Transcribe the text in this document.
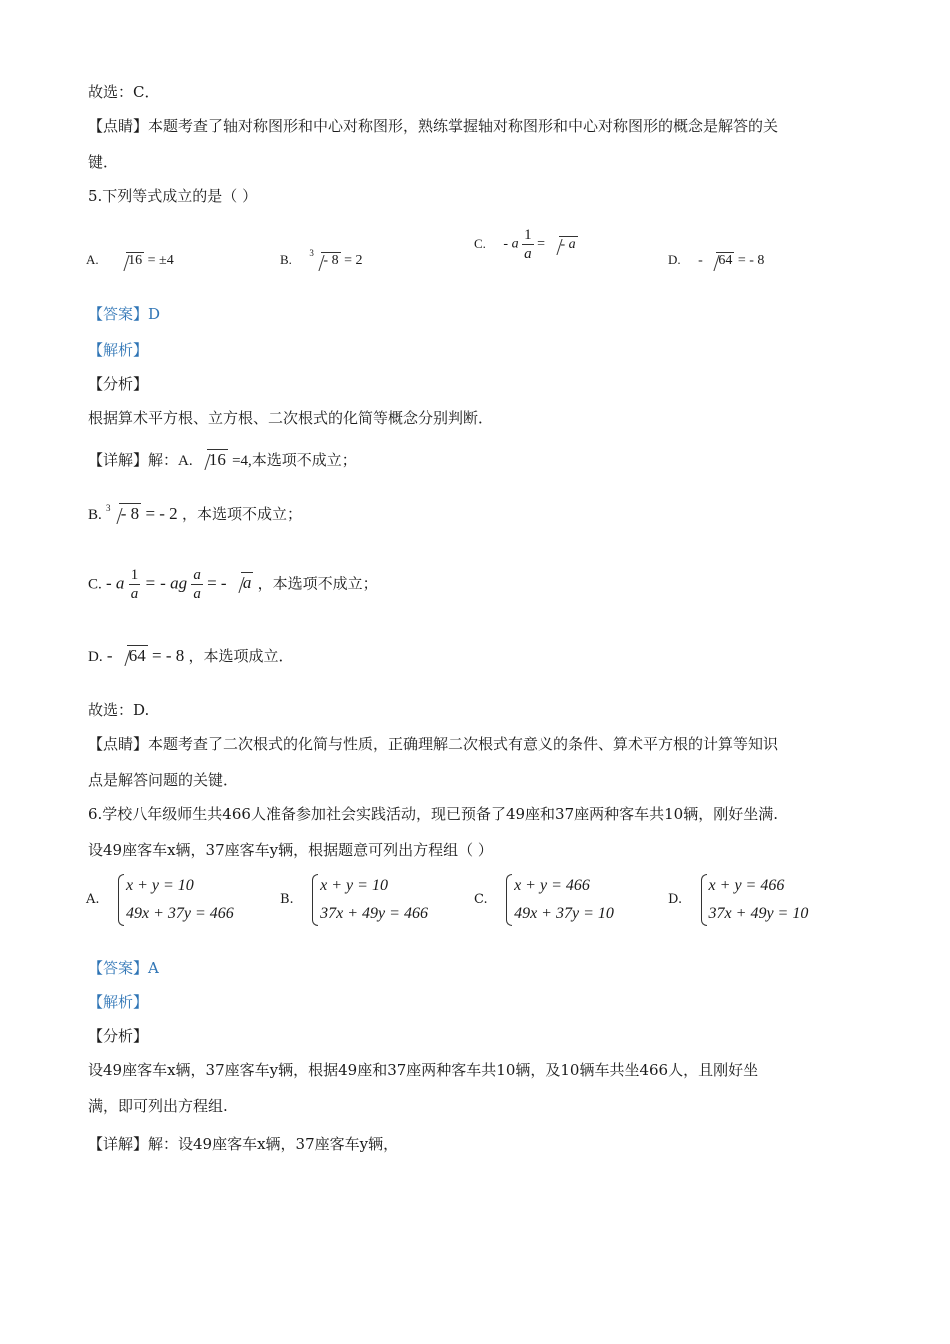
故选：C．
【点睛】本题考查了轴对称图形和中心对称图形，熟练掌握轴对称图形和中心对称图形的概念是解答的关
键．
5.下列等式成立的是（ ）
A. 16 = ±4	B. $^3$ - 8 = 2
C. - a $\frac{1}{a}$ = - a
D. - 64 = - 8
【答案】D
【解析】
【分析】
根据算术平方根、立方根、二次根式的化简等概念分别判断．
【详解】解：A. 16 =4,本选项不成立；
B. $^3$ - 8 = - 2 ，本选项不成立；
C. - a $\frac{1}{a}$ = - ag $\frac{a}{a}$ = - a ，本选项不成立；
D. - 64 = - 8 ，本选项成立．
故选：D.
【点睛】本题考查了二次根式的化简与性质，正确理解二次根式有意义的条件、算术平方根的计算等知识
点是解答问题的关键．
6.学校八年级师生共466人准备参加社会实践活动，现已预备了49座和37座两种客车共10辆，刚好坐满.
设49座客车x辆，37座客车y辆，根据题意可列出方程组（ ）
A.
x + y = 10
49x + 37y = 466
B.
x + y = 10
37x + 49y = 466
C.
x + y = 466
49x + 37y = 10
D.
x + y = 466
37x + 49y = 10
【答案】A
【解析】
【分析】
设49座客车x辆，37座客车y辆，根据49座和37座两种客车共10辆，及10辆车共坐466人，且刚好坐
满，即可列出方程组.
【详解】解：设49座客车x辆，37座客车y辆，
